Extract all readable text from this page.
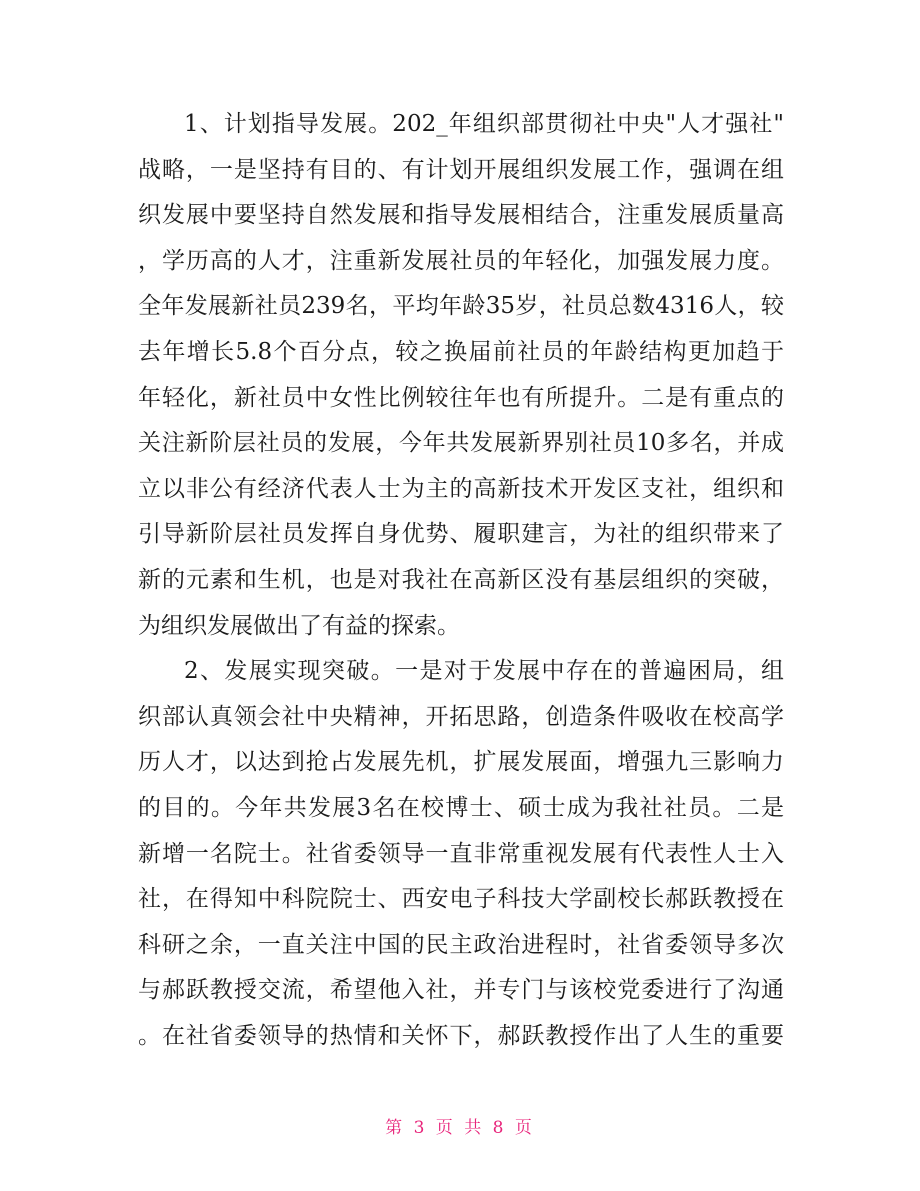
1、计划指导发展。202_年组织部贯彻社中央"人才强社"
战略，一是坚持有目的、有计划开展组织发展工作，强调在组
织发展中要坚持自然发展和指导发展相结合，注重发展质量高
，学历高的人才，注重新发展社员的年轻化，加强发展力度。
全年发展新社员239名，平均年龄35岁，社员总数4316人，较
去年增长5.8个百分点，较之换届前社员的年龄结构更加趋于
年轻化，新社员中女性比例较往年也有所提升。二是有重点的
关注新阶层社员的发展，今年共发展新界别社员10多名，并成
立以非公有经济代表人士为主的高新技术开发区支社，组织和
引导新阶层社员发挥自身优势、履职建言，为社的组织带来了
新的元素和生机，也是对我社在高新区没有基层组织的突破，
为组织发展做出了有益的探索。
2、发展实现突破。一是对于发展中存在的普遍困局，组
织部认真领会社中央精神，开拓思路，创造条件吸收在校高学
历人才，以达到抢占发展先机，扩展发展面，增强九三影响力
的目的。今年共发展3名在校博士、硕士成为我社社员。二是
新增一名院士。社省委领导一直非常重视发展有代表性人士入
社，在得知中科院院士、西安电子科技大学副校长郝跃教授在
科研之余，一直关注中国的民主政治进程时，社省委领导多次
与郝跃教授交流，希望他入社，并专门与该校党委进行了沟通
。在社省委领导的热情和关怀下，郝跃教授作出了人生的重要
第 3 页 共 8 页
